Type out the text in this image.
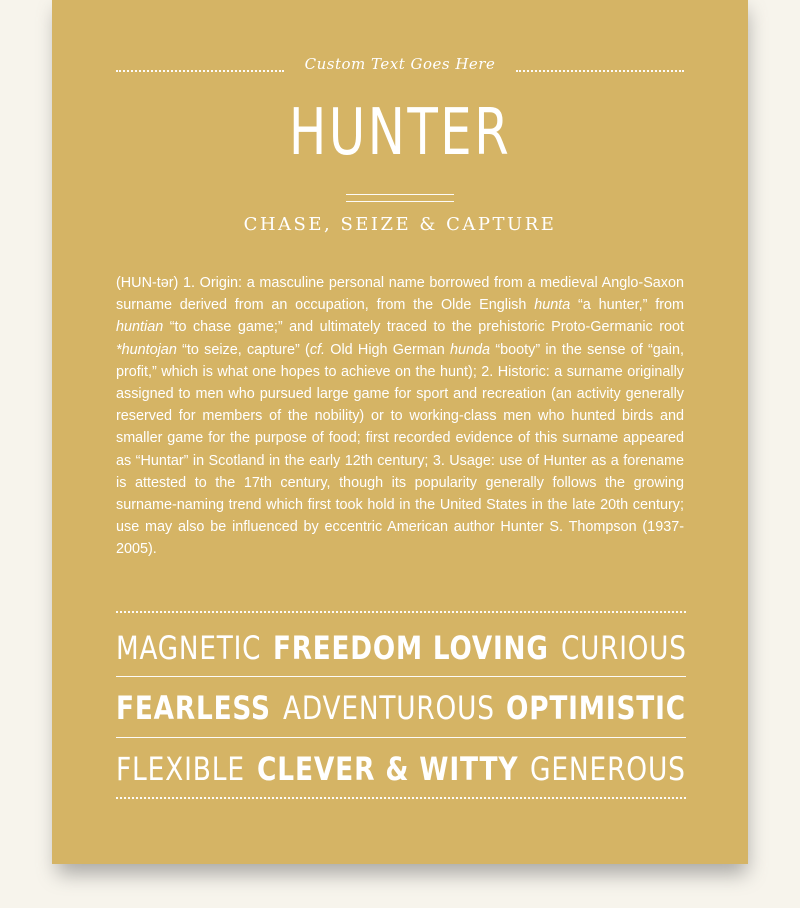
Custom Text Goes Here
HUNTER
CHASE, SEIZE & CAPTURE
(HUN-tər) 1. Origin: a masculine personal name borrowed from a medieval Anglo-Saxon surname derived from an occupation, from the Olde English hunta “a hunter,” from huntian “to chase game;” and ultimately traced to the prehistoric Proto-Germanic root *huntojan “to seize, capture” (cf. Old High German hunda “booty” in the sense of “gain, profit,” which is what one hopes to achieve on the hunt); 2. Historic: a surname originally assigned to men who pursued large game for sport and recreation (an activity generally reserved for members of the nobility) or to working-class men who hunted birds and smaller game for the purpose of food; first recorded evidence of this surname appeared as “Huntar” in Scotland in the early 12th century; 3. Usage: use of Hunter as a forename is attested to the 17th century, though its popularity generally follows the growing surname-naming trend which first took hold in the United States in the late 20th century; use may also be influenced by eccentric American author Hunter S. Thompson (1937-2005).
MAGNETIC FREEDOM LOVING CURIOUS
FEARLESS ADVENTUROUS OPTIMISTIC
FLEXIBLE CLEVER & WITTY GENEROUS
